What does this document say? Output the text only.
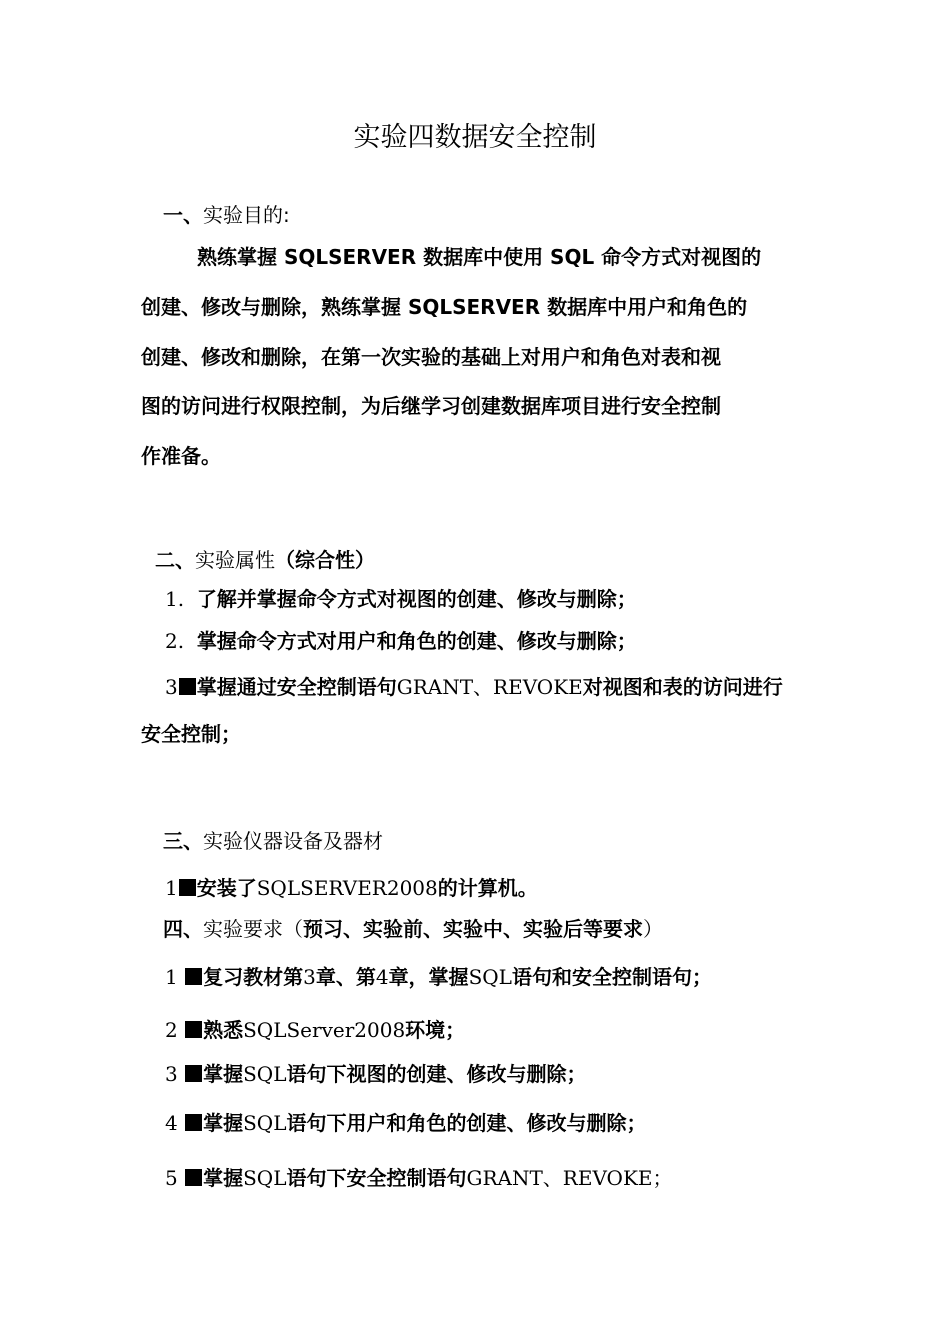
实验四数据安全控制
一、实验目的:
熟练掌握 SQLSERVER 数据库中使用 SQL 命令方式对视图的
创建、修改与删除，熟练掌握 SQLSERVER 数据库中用户和角色的
创建、修改和删除，在第一次实验的基础上对用户和角色对表和视
图的访问进行权限控制，为后继学习创建数据库项目进行安全控制
作准备。
二、实验属性（综合性）
1. 了解并掌握命令方式对视图的创建、修改与删除；
2. 掌握命令方式对用户和角色的创建、修改与删除；
3 掌握通过安全控制语句GRANT、REVOKE对视图和表的访问进行
安全控制；
三、实验仪器设备及器材
1 安装了SQLSERVER2008的计算机。
四、实验要求（预习、实验前、实验中、实验后等要求）
1 复习教材第3章、第4章，掌握SQL语句和安全控制语句；
2 熟悉SQLServer2008环境；
3 掌握SQL语句下视图的创建、修改与删除；
4 掌握SQL语句下用户和角色的创建、修改与删除；
5 掌握SQL语句下安全控制语句GRANT、REVOKE；
